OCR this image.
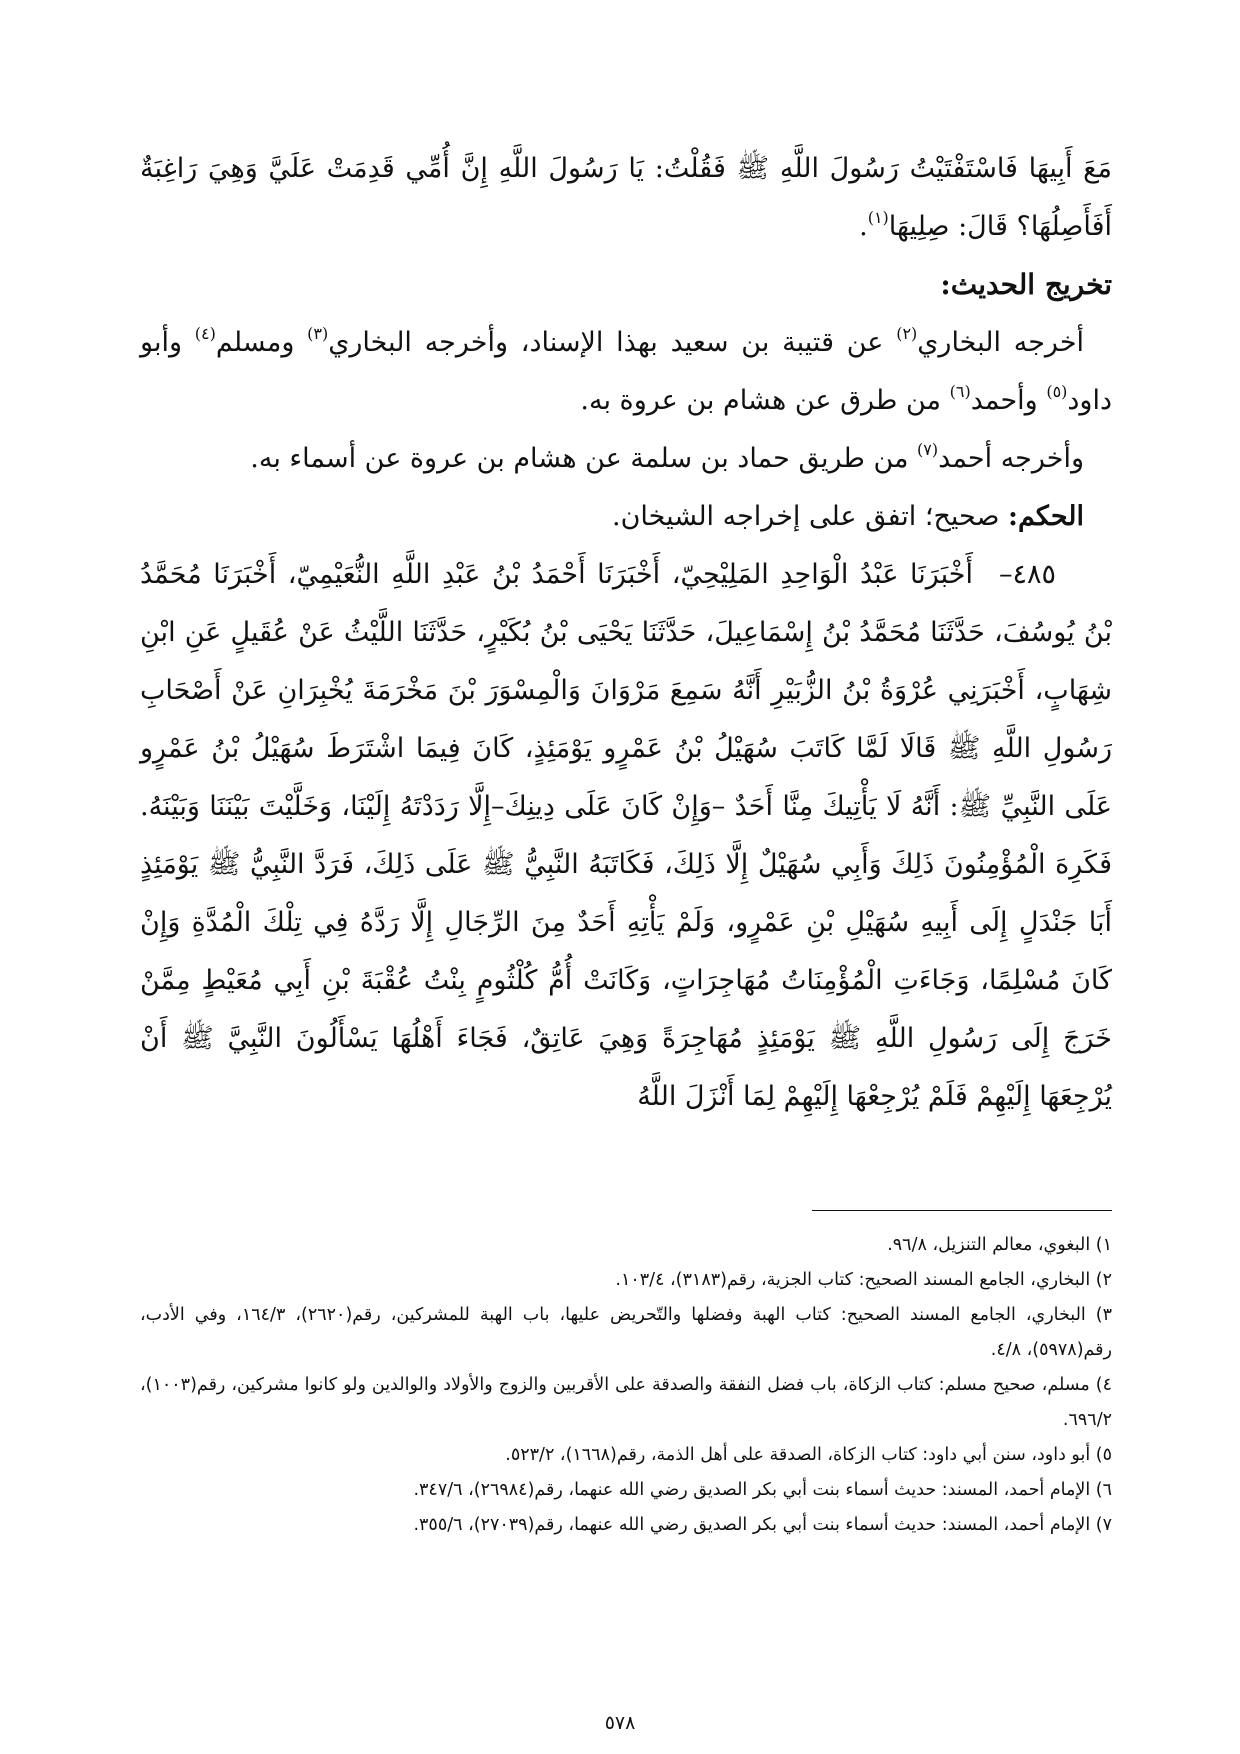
مَعَ أَبِيهَا فَاسْتَفْتَيْتُ رَسُولَ اللَّهِ ﷺ فَقُلْتُ: يَا رَسُولَ اللَّهِ إِنَّ أُمِّي قَدِمَتْ عَلَيَّ وَهِيَ رَاغِبَةٌ أَفَأَصِلُهَا؟ قَالَ: صِلِيهَا$^{(١)}$.

تخريج الحديث:

أخرجه البخاري$^{(٢)}$ عن قتيبة بن سعيد بهذا الإسناد، وأخرجه البخاري$^{(٣)}$ ومسلم$^{(٤)}$ وأبو داود$^{(٥)}$ وأحمد$^{(٦)}$ من طرق عن هشام بن عروة به.

وأخرجه أحمد$^{(٧)}$ من طريق حماد بن سلمة عن هشام بن عروة عن أسماء به.

الحكم: صحيح؛ اتفق على إخراجه الشيخان.

٤٨٥–أَخْبَرَنَا عَبْدُ الْوَاحِدِ المَلِيْحِيّ، أَخْبَرَنَا أَحْمَدُ بْنُ عَبْدِ اللَّهِ النُّعَيْمِيّ، أَخْبَرَنَا مُحَمَّدُ بْنُ يُوسُفَ، حَدَّثَنَا مُحَمَّدُ بْنُ إِسْمَاعِيلَ، حَدَّثَنَا يَحْيَى بْنُ بُكَيْرٍ، حَدَّثَنَا اللَّيْثُ عَنْ عُقَيلٍ عَنِ ابْنِ شِهَابٍ، أَخْبَرَنِي عُرْوَةُ بْنُ الزُّبَيْرِ أَنَّهُ سَمِعَ مَرْوَانَ وَالْمِسْوَرَ بْنَ مَخْرَمَةَ يُخْبِرَانِ عَنْ أَصْحَابِ رَسُولِ اللَّهِ ﷺ قَالَا لَمَّا كَاتَبَ سُهَيْلُ بْنُ عَمْرٍو يَوْمَئِذٍ، كَانَ فِيمَا اشْتَرَطَ سُهَيْلُ بْنُ عَمْرٍو عَلَى النَّبِيِّ ﷺ: أَنَّهُ لَا يَأْتِيكَ مِنَّا أَحَدٌ –وَإِنْ كَانَ عَلَى دِينِكَ–إِلَّا رَدَدْتَهُ إِلَيْنَا، وَخَلَّيْتَ بَيْنَنَا وَبَيْنَهُ. فَكَرِهَ الْمُؤْمِنُونَ ذَلِكَ وَأَبِي سُهَيْلٌ إِلَّا ذَلِكَ، فَكَاتَبَهُ النَّبِيُّ ﷺ عَلَى ذَلِكَ، فَرَدَّ النَّبِيُّ ﷺ يَوْمَئِذٍ أَبَا جَنْدَلٍ إِلَى أَبِيهِ سُهَيْلِ بْنِ عَمْرٍو، وَلَمْ يَأْتِهِ أَحَدٌ مِنَ الرِّجَالِ إِلَّا رَدَّهُ فِي تِلْكَ الْمُدَّةِ وَإِنْ كَانَ مُسْلِمًا، وَجَاءَتِ الْمُؤْمِنَاتُ مُهَاجِرَاتٍ، وَكَانَتْ أُمُّ كُلْثُومٍ بِنْتُ عُقْبَةَ بْنِ أَبِي مُعَيْطٍ مِمَّنْ خَرَجَ إِلَى رَسُولِ اللَّهِ ﷺ يَوْمَئِذٍ مُهَاجِرَةً وَهِيَ عَاتِقٌ، فَجَاءَ أَهْلُهَا يَسْأَلُونَ النَّبِيَّ ﷺ أَنْ يُرْجِعَهَا إِلَيْهِمْ فَلَمْ يُرْجِعْهَا إِلَيْهِمْ لِمَا أَنْزَلَ اللَّهُ

١) البغوي، معالم التنزيل، ٩٦/٨.

٢) البخاري، الجامع المسند الصحيح: كتاب الجزية، رقم(٣١٨٣)، ١٠٣/٤.

٣) البخاري، الجامع المسند الصحيح: كتاب الهبة وفضلها والتّحريض عليها، باب الهبة للمشركين، رقم(٢٦٢٠)، ١٦٤/٣، وفي الأدب، رقم(٥٩٧٨)، ٤/٨.

٤) مسلم، صحيح مسلم: كتاب الزكاة، باب فضل النفقة والصدقة على الأقربين والزوج والأولاد والوالدين ولو كانوا مشركين، رقم(١٠٠٣)، ٦٩٦/٢.

٥) أبو داود، سنن أبي داود: كتاب الزكاة، الصدقة على أهل الذمة، رقم(١٦٦٨)، ٥٢٣/٢.

٦) الإمام أحمد، المسند: حديث أسماء بنت أبي بكر الصديق رضي الله عنهما، رقم(٢٦٩٨٤)، ٣٤٧/٦.

٧) الإمام أحمد، المسند: حديث أسماء بنت أبي بكر الصديق رضي الله عنهما، رقم(٢٧٠٣٩)، ٣٥٥/٦.

٥٧٨
